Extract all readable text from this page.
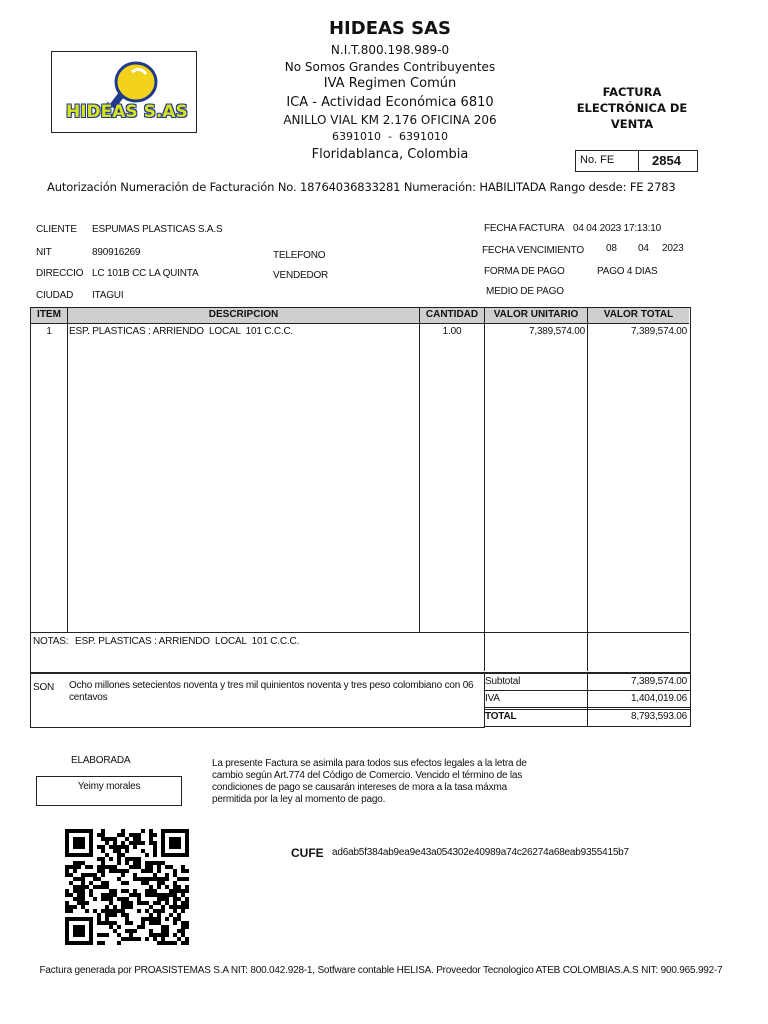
HIDEAS S.AS
HIDEAS SAS
N.I.T.800.198.989-0
No Somos Grandes Contribuyentes
IVA Regimen Común
ICA - Actividad Económica 6810
ANILLO VIAL KM 2.176 OFICINA 206
6391010  -  6391010
Floridablanca, Colombia
FACTURA ELECTRÓNICA DE VENTA
No. FE	2854
Autorización Numeración de Facturación No. 18764036833281 Numeración: HABILITADA Rango desde: FE 2783
CLIENTE ESPUMAS PLASTICAS S.A.S
NIT	890916269
DIRECCIO LC 101B CC LA QUINTA
CIUDAD ITAGUI
TELEFONO
VENDEDOR
FECHA FACTURA 04 04 2023 17:13:10
FECHA VENCIMIENTO 08 04 2023
FORMA DE PAGO	PAGO 4 DIAS
MEDIO DE PAGO
ITEM	DESCRIPCION	CANTIDAD	VALOR UNITARIO	VALOR TOTAL
1	ESP. PLASTICAS : ARRIENDO  LOCAL  101 C.C.C.	1.00	7,389,574.00	7,389,574.00
NOTAS: ESP. PLASTICAS : ARRIENDO  LOCAL  101 C.C.C.
SON Ocho millones setecientos noventa y tres mil quinientos noventa y tres peso colombiano con 06 centavos
Subtotal	7,389,574.00
IVA	1,404,019.06
TOTAL	8,793,593.06
ELABORADA
Yeimy morales
La presente Factura se asimila para todos sus efectos legales a la letra de cambio según Art.774 del Código de Comercio. Vencido el término de las condiciones de pago se causarán intereses de mora a la tasa máxma permitida por la ley al momento de pago.
CUFE ad6ab5f384ab9ea9e43a054302e40989a74c26274a68eab9355415b7
Factura generada por PROASISTEMAS S.A NIT: 800.042.928-1, Sotfware contable HELISA. Proveedor Tecnologico ATEB COLOMBIAS.A.S NIT: 900.965.992-7
